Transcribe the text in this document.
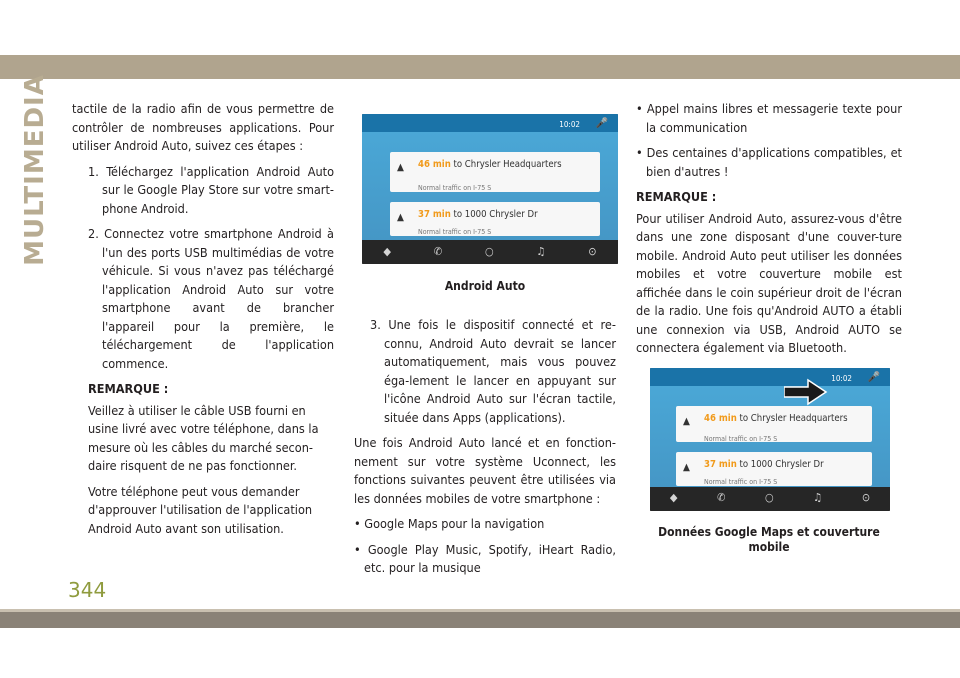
MULTIMEDIA tactile de la radio afin de vous permettre de contrôler de nombreuses applications. Pour utiliser Android Auto, suivez ces étapes :

1. Téléchargez l'application Android Auto sur le Google Play Store sur votre smart-phone Android.

2. Connectez votre smartphone Android à l'un des ports USB multimédias de votre véhicule. Si vous n'avez pas téléchargé l'application Android Auto sur votre smartphone avant de brancher l'appareil pour la première, le téléchargement de l'application commence.

REMARQUE :

Veillez à utiliser le câble USB fourni en usine livré avec votre téléphone, dans la mesure où les câbles du marché secon-daire risquent de ne pas fonctionner.

Votre téléphone peut vous demander d'approuver l'utilisation de l'application Android Auto avant son utilisation.

10:02 🎤
▲ 46 min to Chrysler Headquarters
Normal traffic on I-75 S
▲ 37 min to 1000 Chrysler Dr
Normal traffic on I-75 S
◆	✆	○	♫	⊙

Android Auto

3. Une fois le dispositif connecté et re-connu, Android Auto devrait se lancer automatiquement, mais vous pouvez éga-lement le lancer en appuyant sur l'icône Android Auto sur l'écran tactile, située dans Apps (applications).

Une fois Android Auto lancé et en fonction-nement sur votre système Uconnect, les fonctions suivantes peuvent être utilisées via les données mobiles de votre smartphone :

• Google Maps pour la navigation

• Google Play Music, Spotify, iHeart Radio, etc. pour la musique

• Appel mains libres et messagerie texte pour la communication

• Des centaines d'applications compatibles, et bien d'autres !

REMARQUE :

Pour utiliser Android Auto, assurez-vous d'être dans une zone disposant d'une couver-ture mobile. Android Auto peut utiliser les données mobiles et votre couverture mobile est affichée dans le coin supérieur droit de l'écran de la radio. Une fois qu'Android AUTO a établi une connexion via USB, Android AUTO se connectera également via Bluetooth.

10:02 🎤
▲ 46 min to Chrysler Headquarters
Normal traffic on I-75 S
▲ 37 min to 1000 Chrysler Dr
Normal traffic on I-75 S
◆	✆	○	♫	⊙

Données Google Maps et couverture mobile

344
